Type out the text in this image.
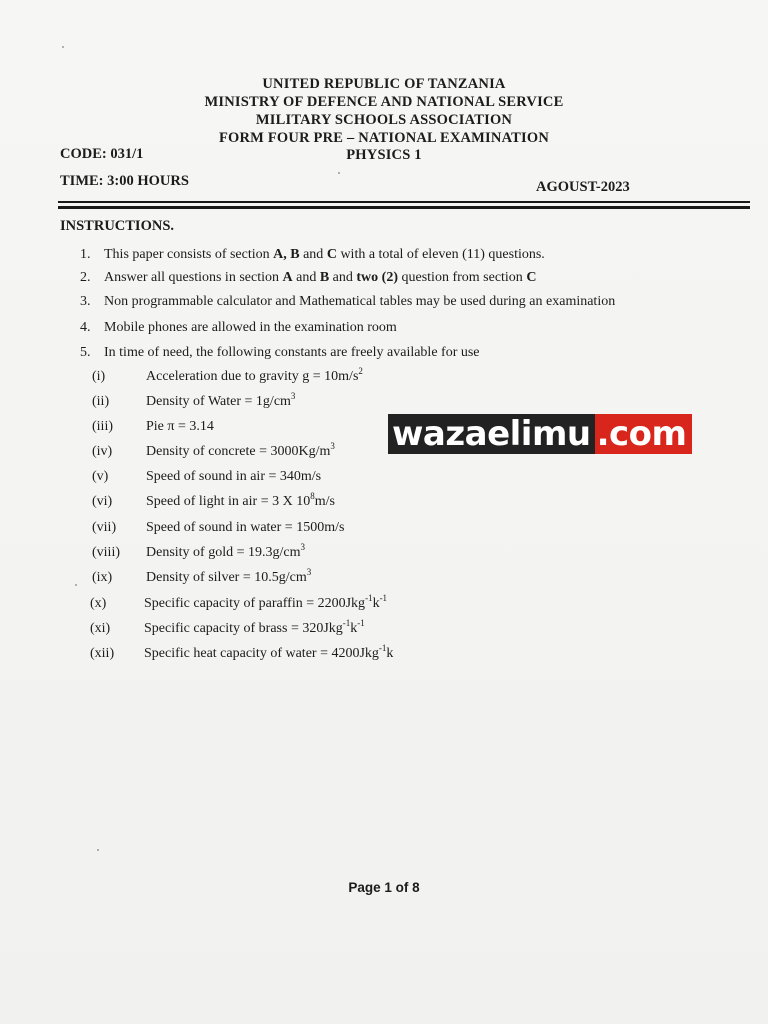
UNITED REPUBLIC OF TANZANIA
MINISTRY OF DEFENCE AND NATIONAL SERVICE
MILITARY SCHOOLS ASSOCIATION
FORM FOUR PRE – NATIONAL EXAMINATION
PHYSICS 1
CODE: 031/1
TIME: 3:00 HOURS	AGOUST-2023
INSTRUCTIONS.
1. This paper consists of section A, B and C with a total of eleven (11) questions.
2. Answer all questions in section A and B and two (2) question from section C
3. Non programmable calculator and Mathematical tables may be used during an examination
4. Mobile phones are allowed in the examination room
5. In time of need, the following constants are freely available for use
(i)	Acceleration due to gravity $g = 10m/s^2$
(ii)	Density of Water = $1g/cm^3$
(iii) Pie π = 3.14
(iv) Density of concrete = $3000Kg/m^3$
(v)	Speed of sound in air = 340m/s
(vi) Speed of light in air = 3 X $10^8m/s$
(vii) Speed of sound in water = 1500m/s
(viii) Density of gold = $19.3g/cm^3$
(ix) Density of silver = $10.5g/cm^3$
(x)	Specific capacity of paraffin = $2200Jkg^{-1}k^{-1}$
(xi) Specific capacity of brass = $320Jkg^{-1}k^{-1}$
(xii) Specific heat capacity of water = 4200Jkg$^{-1}$k
wazaelimu .com
Page 1 of 8
